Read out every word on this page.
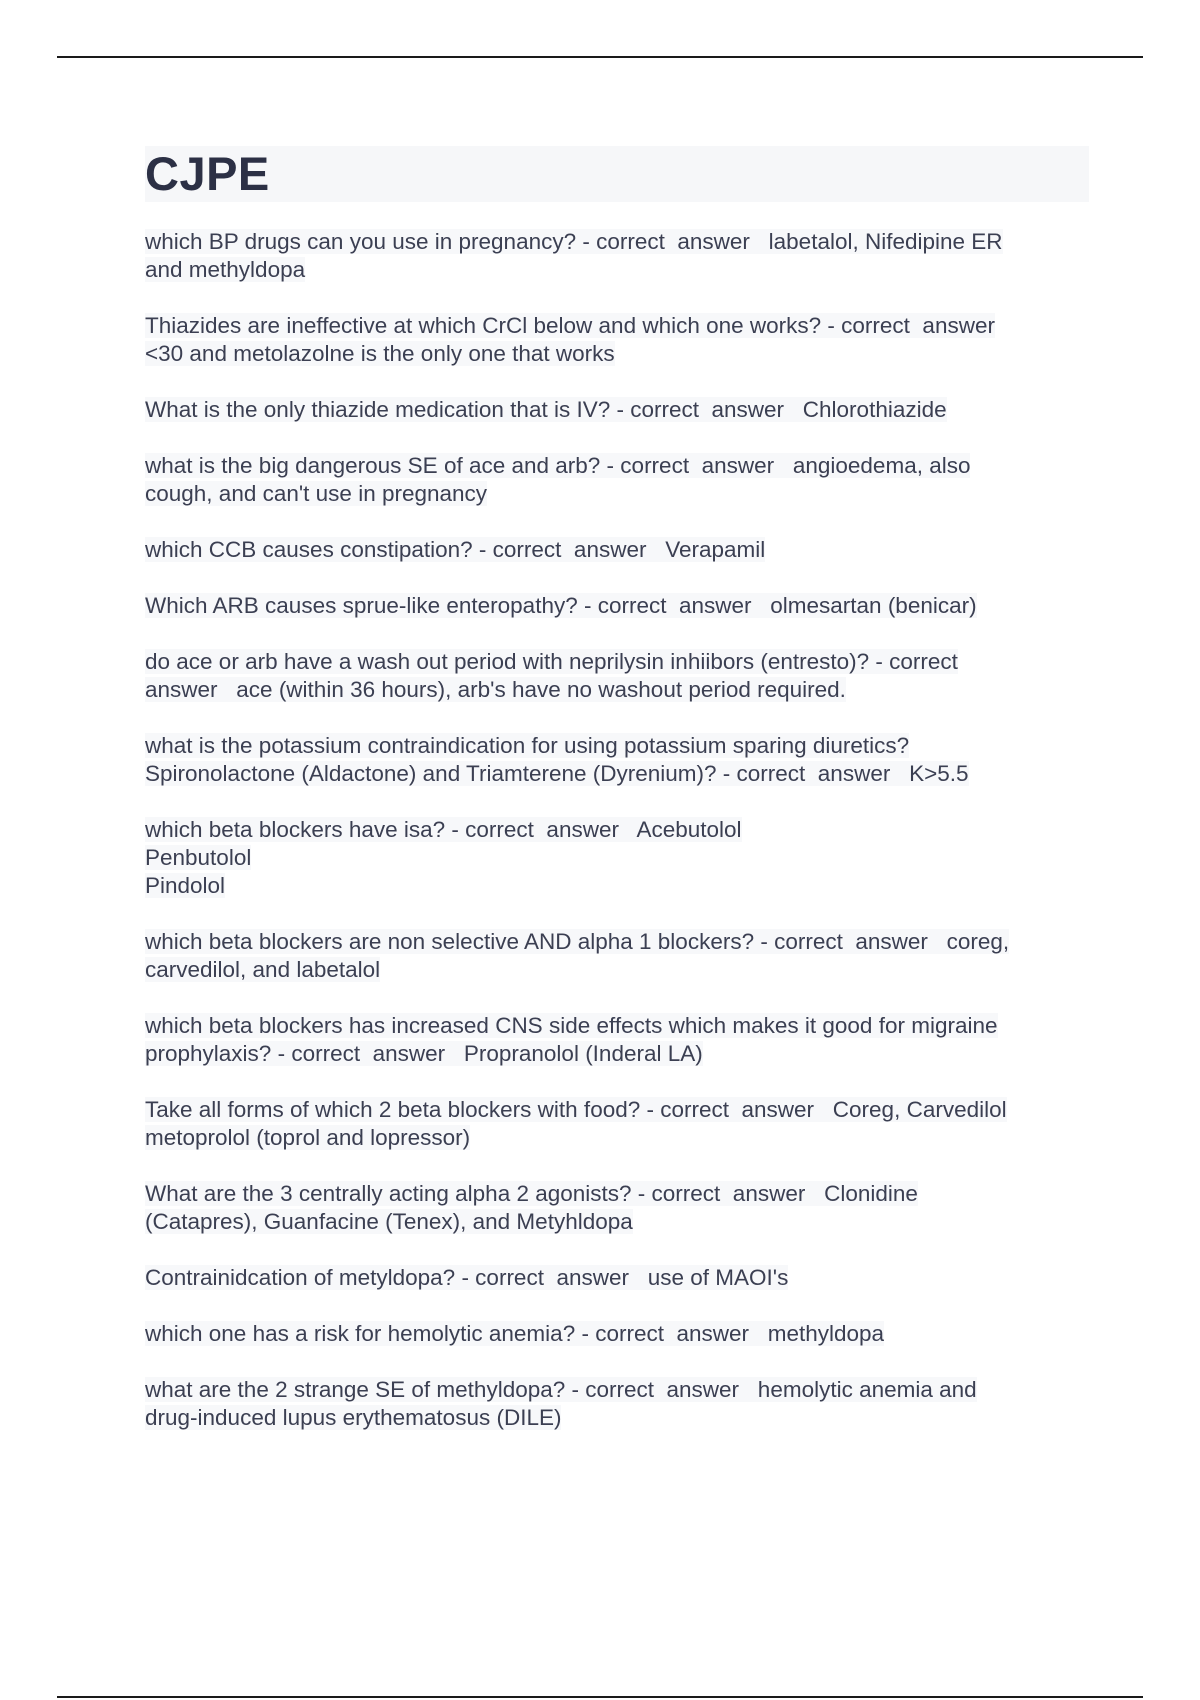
CJPE
which BP drugs can you use in pregnancy? - correct  answer   labetalol, Nifedipine ER
and methyldopa
Thiazides are ineffective at which CrCl below and which one works? - correct  answer
<30 and metolazolne is the only one that works
What is the only thiazide medication that is IV? - correct  answer   Chlorothiazide
what is the big dangerous SE of ace and arb? - correct  answer   angioedema, also
cough, and can't use in pregnancy
which CCB causes constipation? - correct  answer   Verapamil
Which ARB causes sprue-like enteropathy? - correct  answer   olmesartan (benicar)
do ace or arb have a wash out period with neprilysin inhiibors (entresto)? - correct
answer   ace (within 36 hours), arb's have no washout period required.
what is the potassium contraindication for using potassium sparing diuretics?
Spironolactone (Aldactone) and Triamterene (Dyrenium)? - correct  answer   K>5.5
which beta blockers have isa? - correct  answer   Acebutolol
Penbutolol
Pindolol
which beta blockers are non selective AND alpha 1 blockers? - correct  answer   coreg,
carvedilol, and labetalol
which beta blockers has increased CNS side effects which makes it good for migraine
prophylaxis? - correct  answer   Propranolol (Inderal LA)
Take all forms of which 2 beta blockers with food? - correct  answer   Coreg, Carvedilol
metoprolol (toprol and lopressor)
What are the 3 centrally acting alpha 2 agonists? - correct  answer   Clonidine
(Catapres), Guanfacine (Tenex), and Metyhldopa
Contrainidcation of metyldopa? - correct  answer   use of MAOI's
which one has a risk for hemolytic anemia? - correct  answer   methyldopa
what are the 2 strange SE of methyldopa? - correct  answer   hemolytic anemia and
drug-induced lupus erythematosus (DILE)
